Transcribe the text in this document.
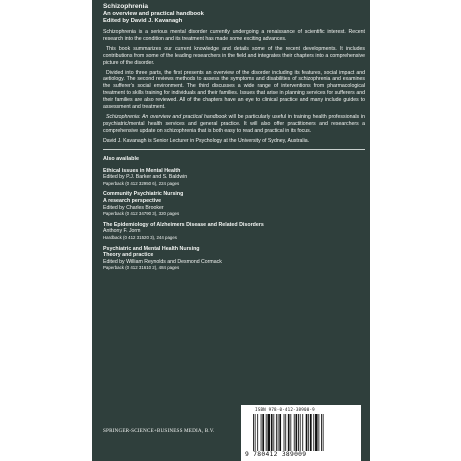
Schizophrenia

An overview and practical handbook

Edited by David J. Kavanagh

Schizophrenia is a serious mental disorder currently undergoing a renaissance of scientific interest. Recent research into the condition and its treatment has made some exciting advances.

This book summarizes our current knowledge and details some of the recent developments. It includes contributions from some of the leading researchers in the field and integrates their chapters into a comprehensive picture of the disorder.

Divided into three parts, the first presents an overview of the disorder including its features, social impact and aetiology. The second reviews methods to assess the symptoms and disabilities of schizophrenia and examines the sufferer's social environment. The third discusses a wide range of interventions from pharmacological treatment to skills training for individuals and their families. Issues that arise in planning services for sufferers and their families are also reviewed. All of the chapters have an eye to clinical practice and many include guides to assessment and treatment.

Schizophrenia: An overview and practical handbook will be particularly useful in training health professionals in psychiatric/mental health services and general practice. It will also offer practitioners and researchers a comprehensive update on schizophrenia that is both easy to read and practical in its focus.

David J. Kavanagh is Senior Lecturer in Psychology at the University of Sydney, Australia.

Also available

Ethical issues in Mental Health
Edited by P.J. Barker and S. Baldwin
Paperback (0 412 32950 6), 224 pages
Community Psychiatric Nursing
A research perspective
Edited by Charles Brooker
Paperback (0 412 34790 3), 320 pages
The Epidemiology of Alzheimers Disease and Related Disorders
Anthony F. Jorm
Hardback (0 412 31520 3), 244 pages
Psychiatric and Mental Health Nursing
Theory and practice
Edited by William Reynolds and Desmond Cormack
Paperback (0 412 31610 2), 484 pages
SPRINGER-SCIENCE+BUSINESS MEDIA, B.V.
ISBN 978-0-412-38900-9
9 780412 389009
